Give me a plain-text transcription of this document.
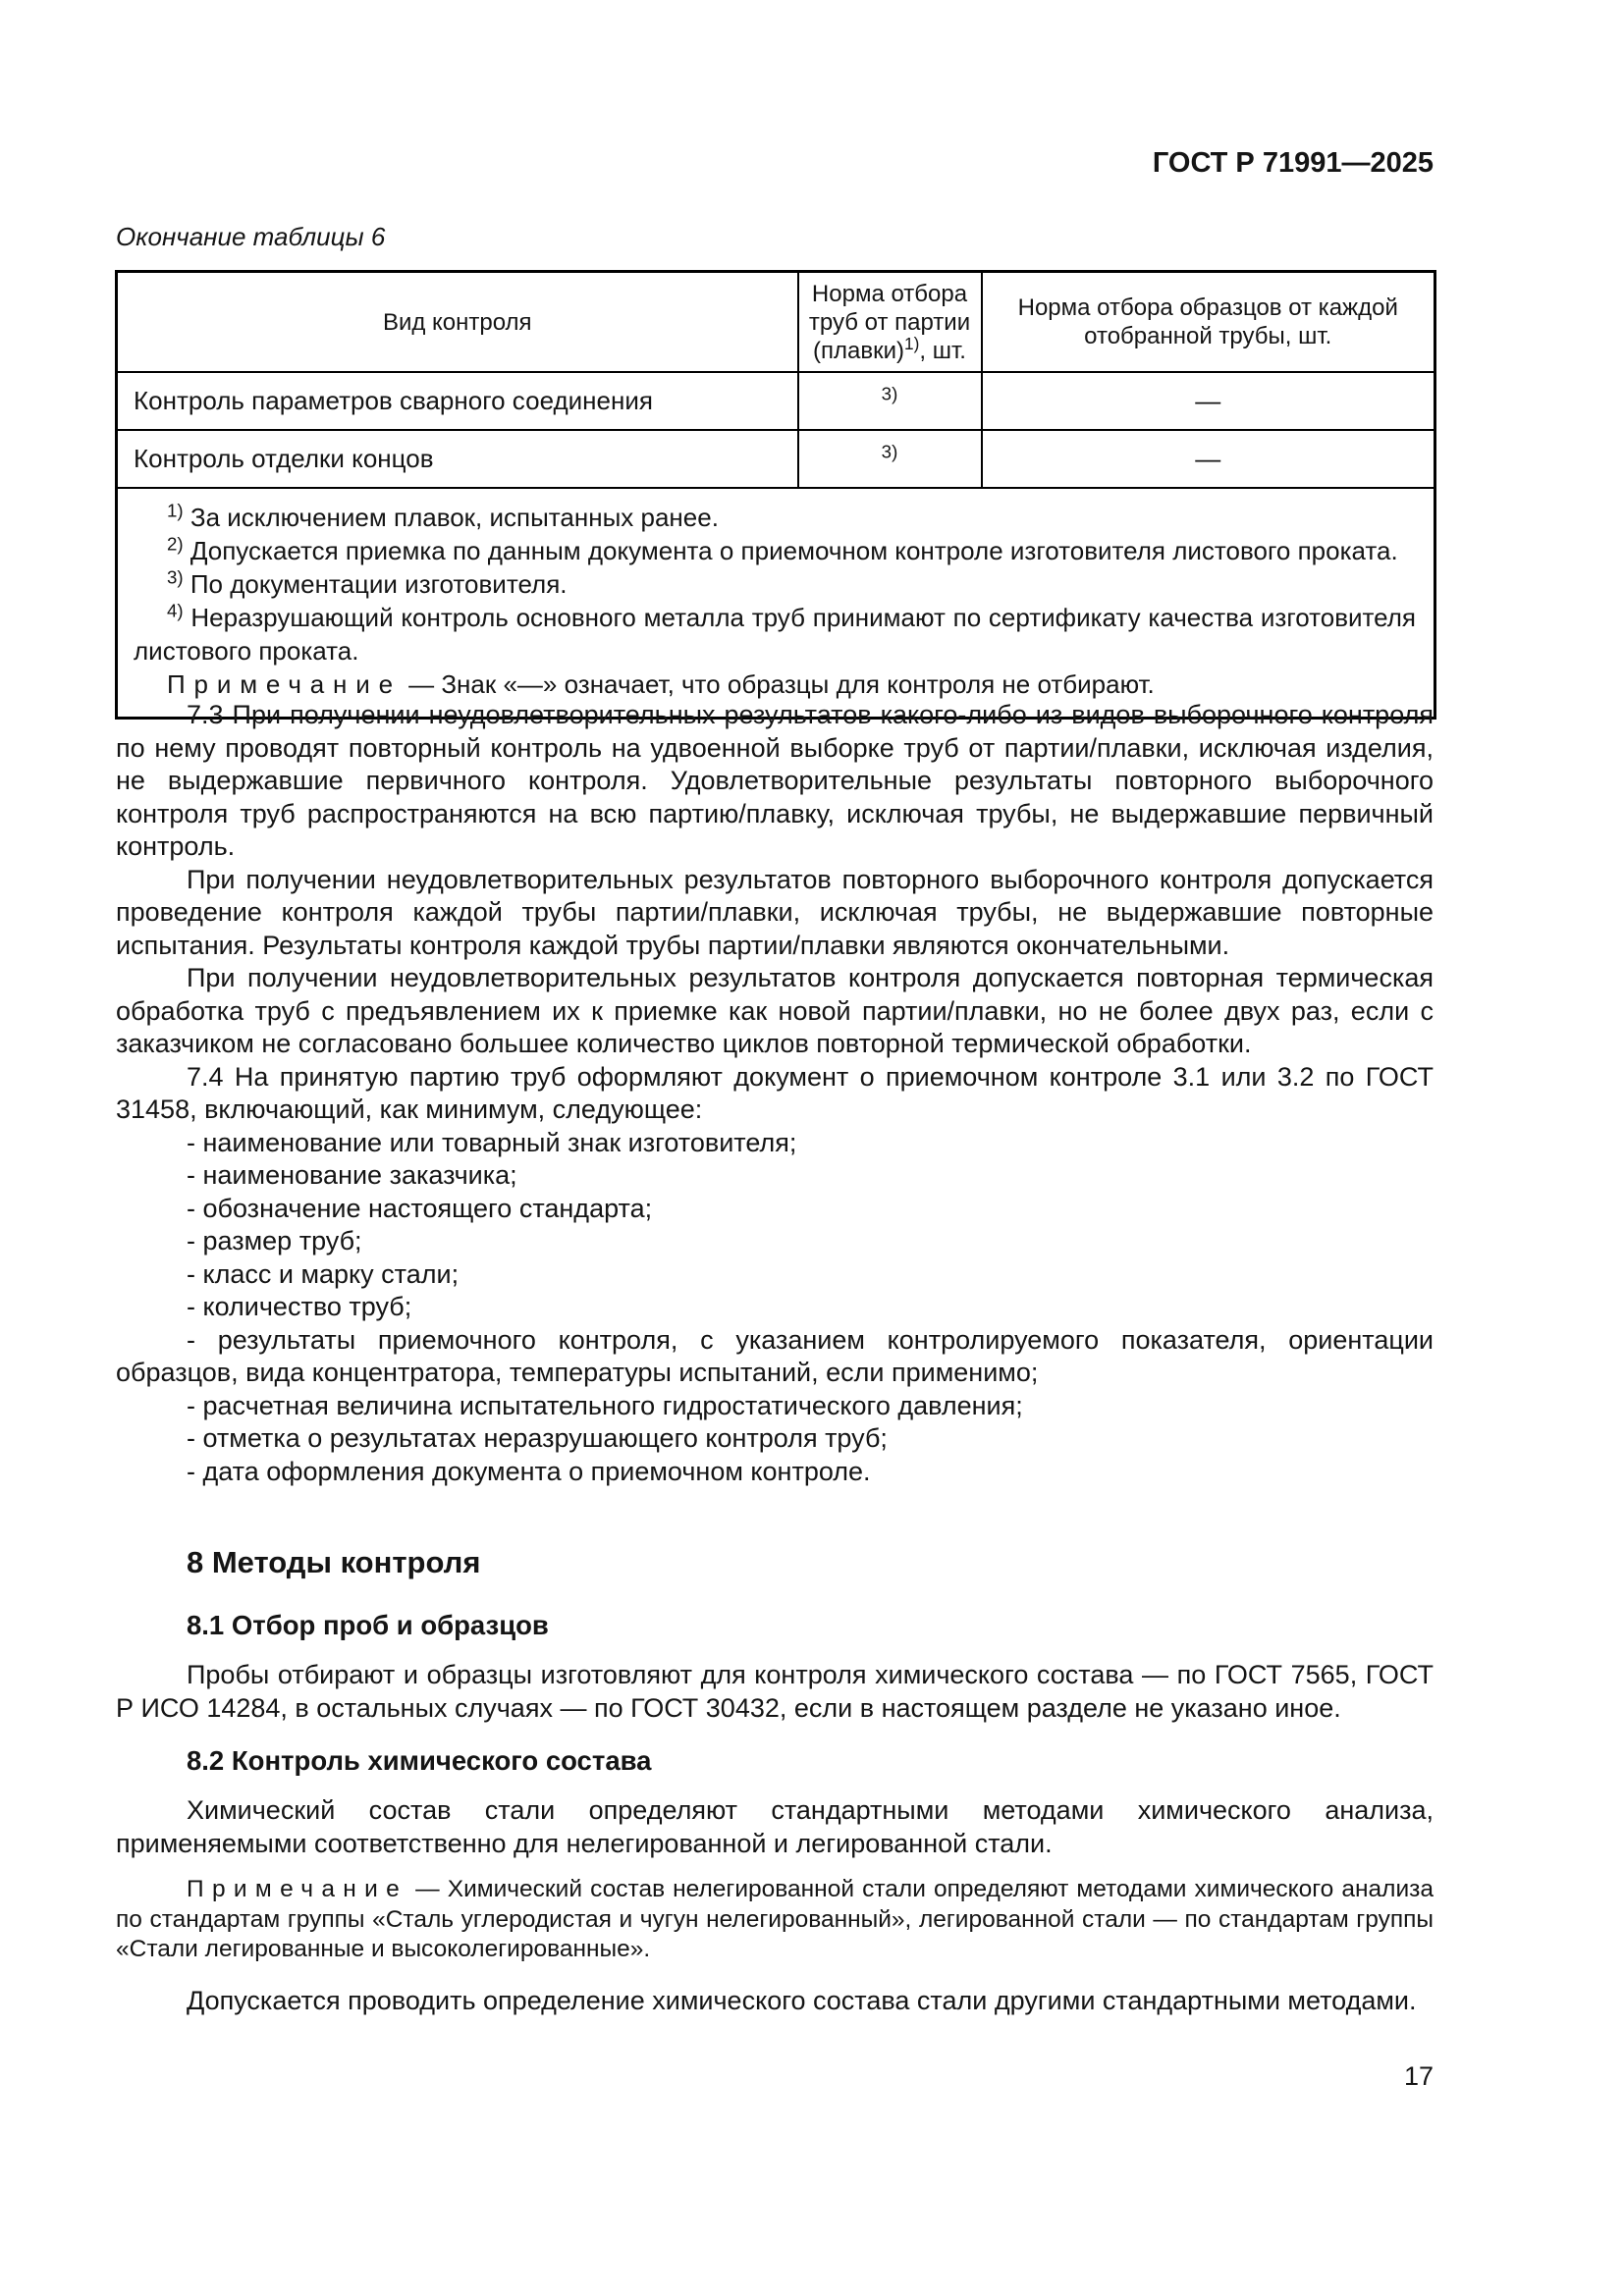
ГОСТ Р 71991—2025
Окончание таблицы 6
Вид контроля	Норма отбора труб от партии (плавки)$^{1)}$, шт.	Норма отбора образцов от каждой отобранной трубы, шт.
Контроль параметров сварного соединения	$^{3)}$	—
Контроль отделки концов	$^{3)}$	—

$^{1)}$ За исключением плавок, испытанных ранее.

$^{2)}$ Допускается приемка по данным документа о приемочном контроле изготовителя листового проката.

$^{3)}$ По документации изготовителя.

$^{4)}$ Неразрушающий контроль основного металла труб принимают по сертификату качества изготовителя листового проката.

Примечание — Знак «—» означает, что образцы для контроля не отбирают.		

7.3 При получении неудовлетворительных результатов какого-либо из видов выборочного контроля по нему проводят повторный контроль на удвоенной выборке труб от партии/плавки, исключая изделия, не выдержавшие первичного контроля. Удовлетворительные результаты повторного выборочного контроля труб распространяются на всю партию/плавку, исключая трубы, не выдержавшие первичный контроль.

При получении неудовлетворительных результатов повторного выборочного контроля допускается проведение контроля каждой трубы партии/плавки, исключая трубы, не выдержавшие повторные испытания. Результаты контроля каждой трубы партии/плавки являются окончательными.

При получении неудовлетворительных результатов контроля допускается повторная термическая обработка труб с предъявлением их к приемке как новой партии/плавки, но не более двух раз, если с заказчиком не согласовано большее количество циклов повторной термической обработки.

7.4 На принятую партию труб оформляют документ о приемочном контроле 3.1 или 3.2 по ГОСТ 31458, включающий, как минимум, следующее:

- наименование или товарный знак изготовителя;

- наименование заказчика;

- обозначение настоящего стандарта;

- размер труб;

- класс и марку стали;

- количество труб;

- результаты приемочного контроля, с указанием контролируемого показателя, ориентации образцов, вида концентратора, температуры испытаний, если применимо;

- расчетная величина испытательного гидростатического давления;

- отметка о результатах неразрушающего контроля труб;

- дата оформления документа о приемочном контроле.

8 Методы контроля

8.1 Отбор проб и образцов

Пробы отбирают и образцы изготовляют для контроля химического состава — по ГОСТ 7565, ГОСТ Р ИСО 14284, в остальных случаях — по ГОСТ 30432, если в настоящем разделе не указано иное.

8.2 Контроль химического состава

Химический состав стали определяют стандартными методами химического анализа, применяемыми соответственно для нелегированной и легированной стали.

Примечание — Химический состав нелегированной стали определяют методами химического анализа по стандартам группы «Сталь углеродистая и чугун нелегированный», легированной стали — по стандартам группы «Стали легированные и высоколегированные».

Допускается проводить определение химического состава стали другими стандартными методами.

17
